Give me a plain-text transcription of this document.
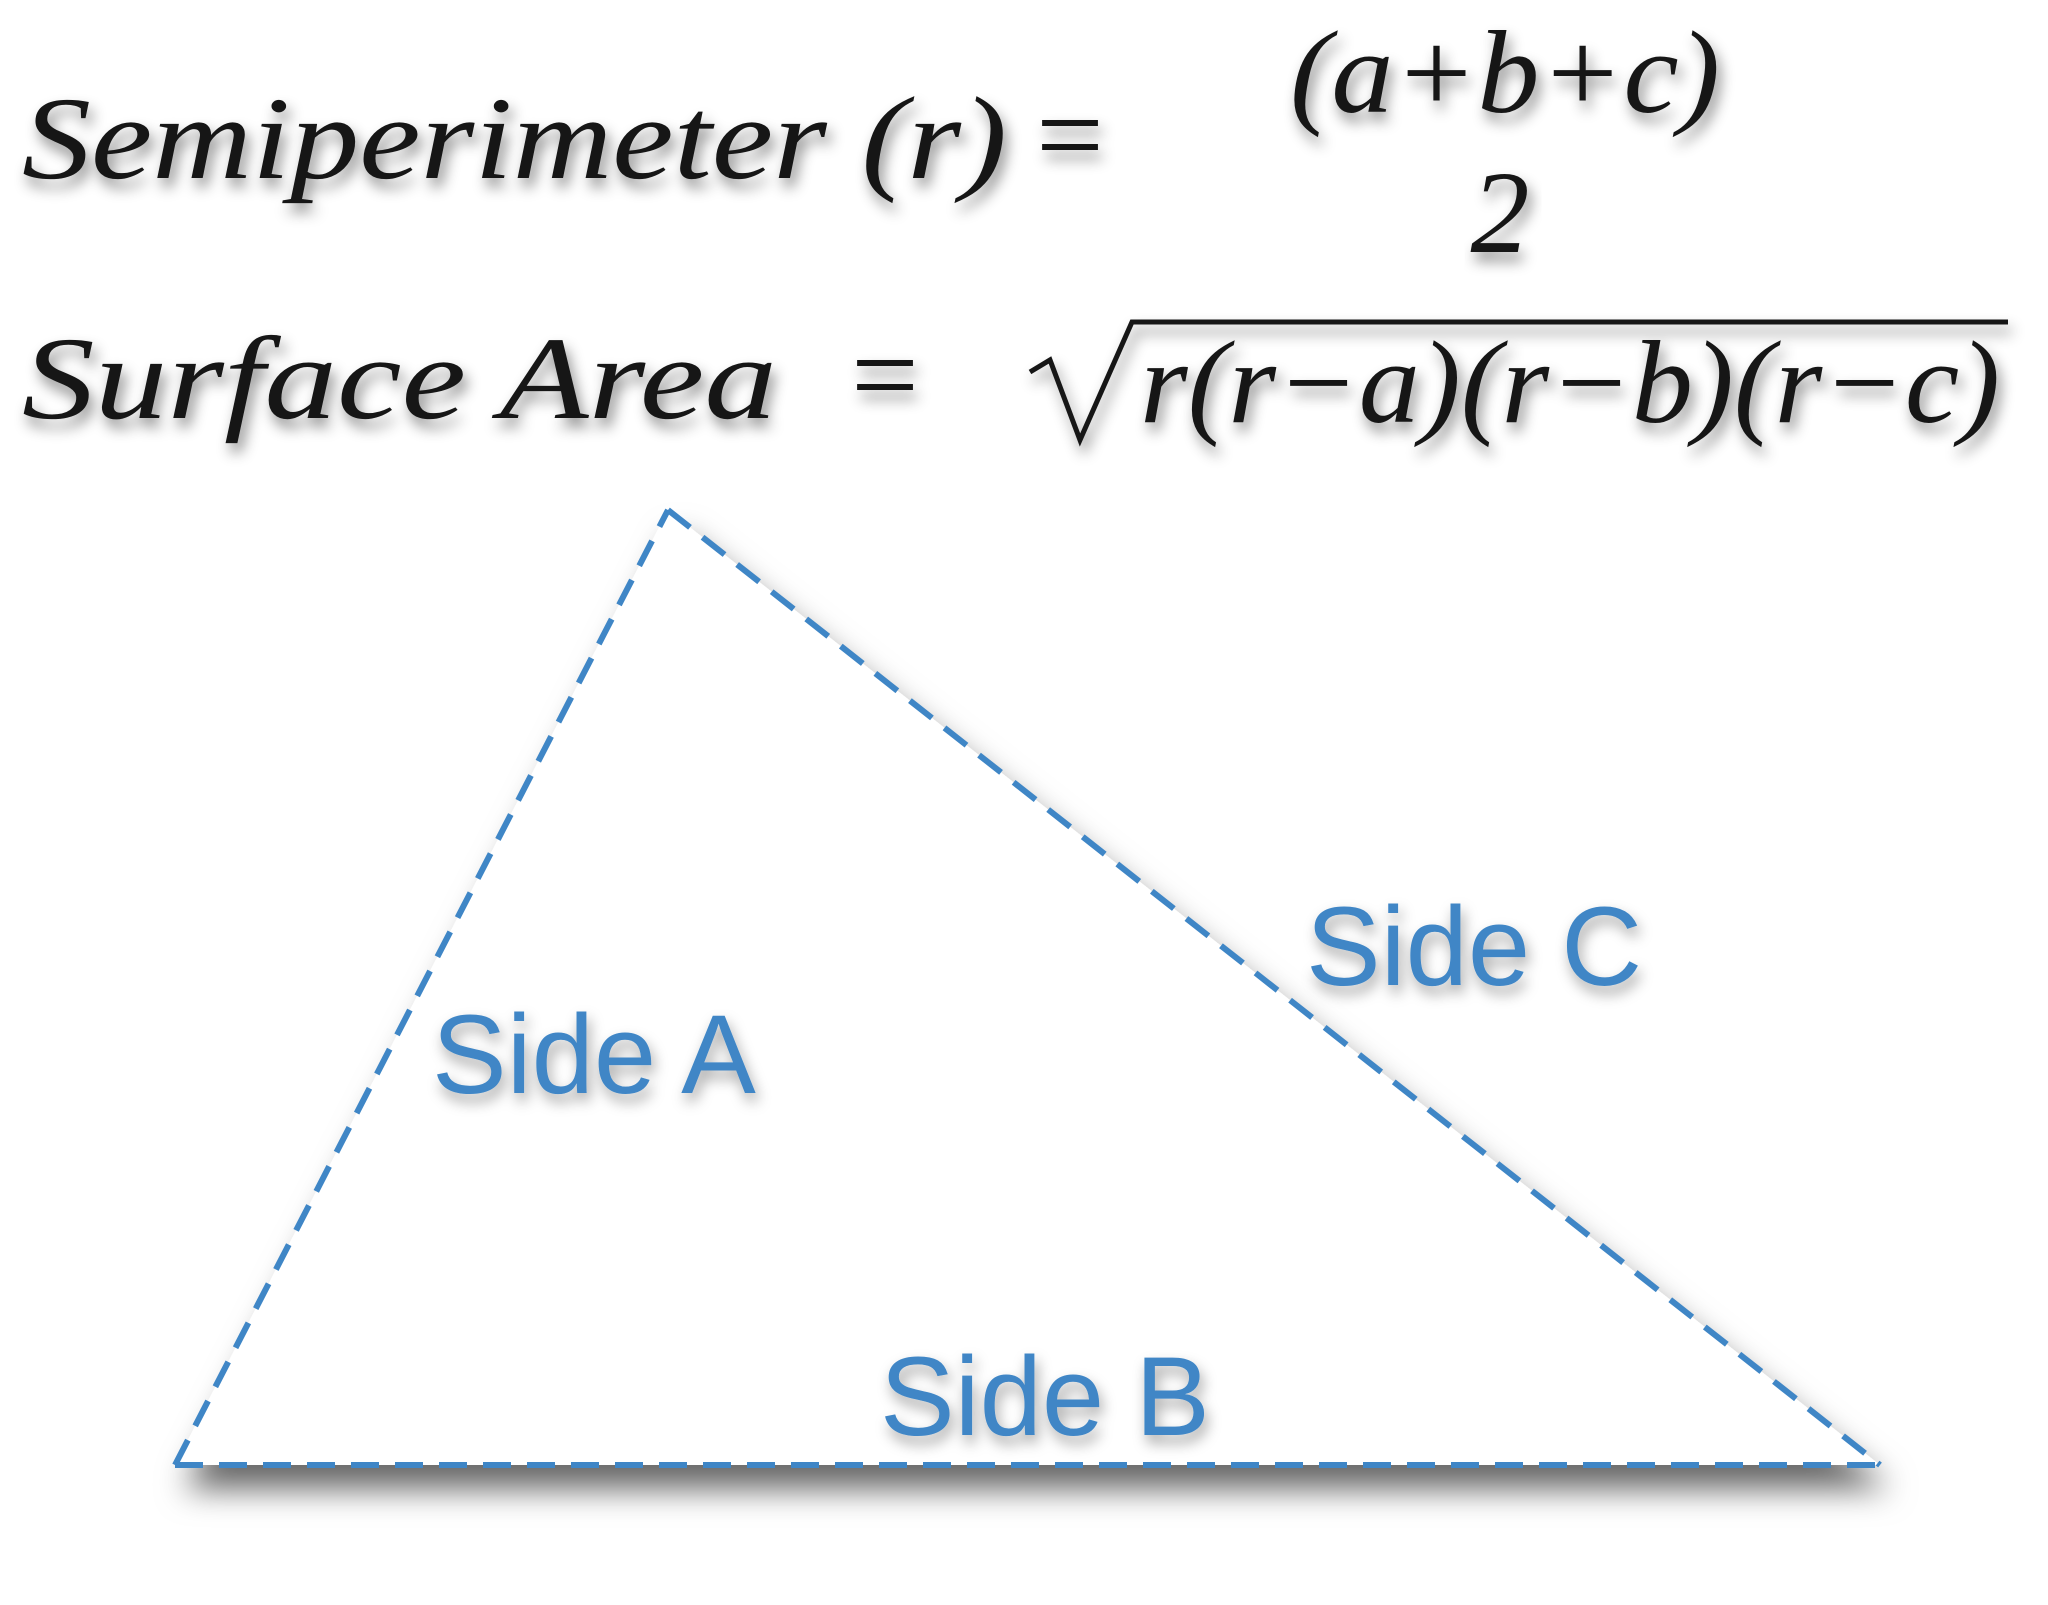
Semiperimeter (r) = (a+b+c)
2
Surface Area = r(r−a)(r−b)(r−c)
Side A
Side C
Side B
